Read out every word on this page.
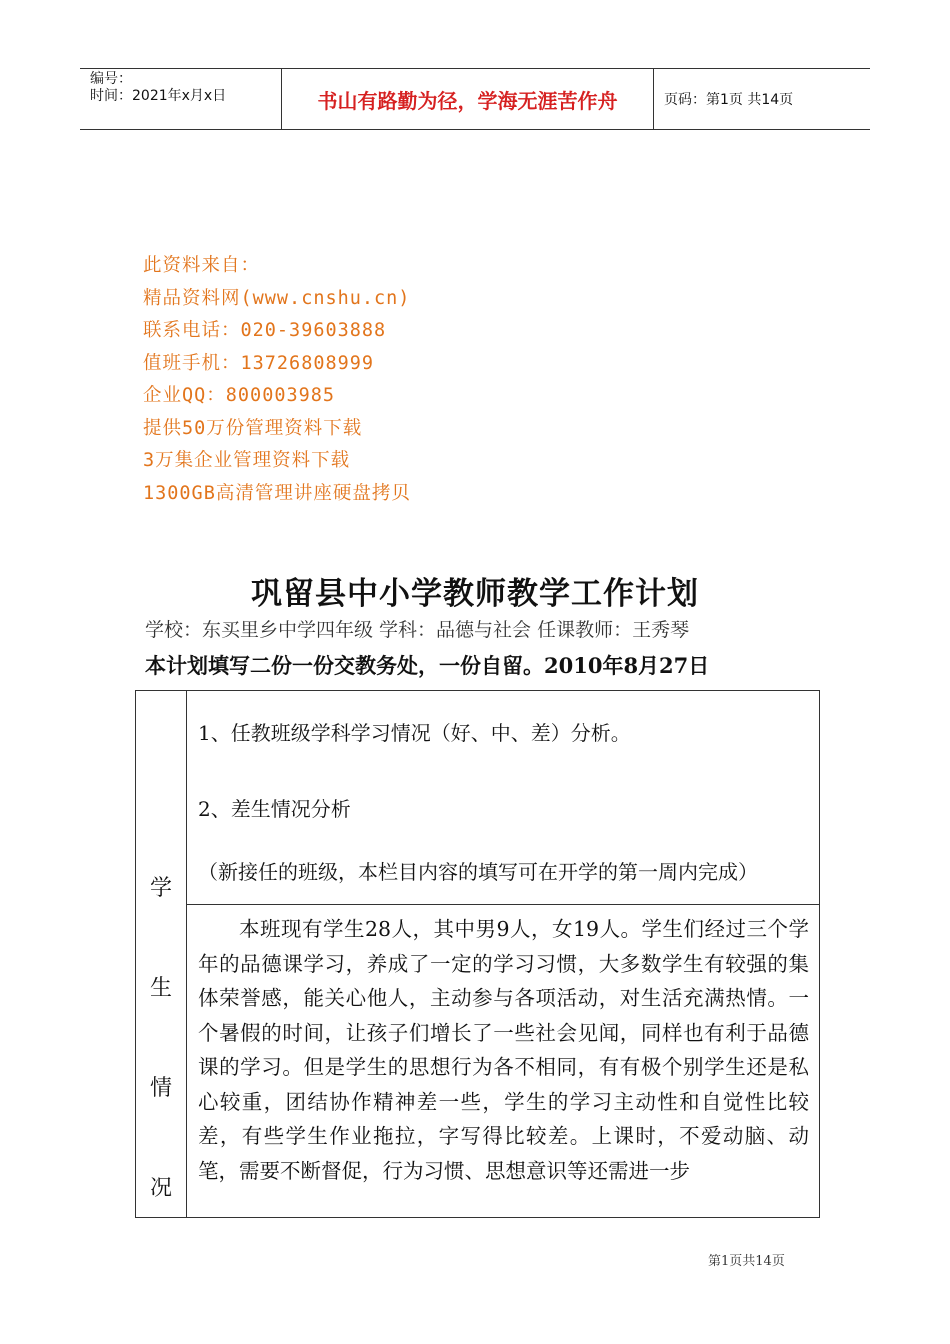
编号：
时间：2021年x月x日	书山有路勤为径，学海无涯苦作舟	页码：第1页 共14页
此资料来自：
精品资料网(www.cnshu.cn)
联系电话：020-39603888
值班手机：13726808999
企业QQ：800003985
提供50万份管理资料下载
3万集企业管理资料下载
1300GB高清管理讲座硬盘拷贝
巩留县中小学教师教学工作计划
学校：东买里乡中学四年级 学科：品德与社会 任课教师：王秀琴
本计划填写二份一份交教务处，一份自留。2010年8月27日
学
生
情
况
1、任教班级学科学习情况（好、中、差）分析。
2、差生情况分析
（新接任的班级，本栏目内容的填写可在开学的第一周内完成）

本班现有学生28人，其中男9人，女19人。学生们经过三个学年的品德课学习，养成了一定的学习习惯，大多数学生有较强的集体荣誉感，能关心他人，主动参与各项活动，对生活充满热情。一个暑假的时间，让孩子们增长了一些社会见闻，同样也有利于品德课的学习。但是学生的思想行为各不相同，有有极个别学生还是私心较重，团结协作精神差一些，学生的学习主动性和自觉性比较差，有些学生作业拖拉，字写得比较差。上课时，不爱动脑、动笔，需要不断督促，行为习惯、思想意识等还需进一步

第1页共14页
